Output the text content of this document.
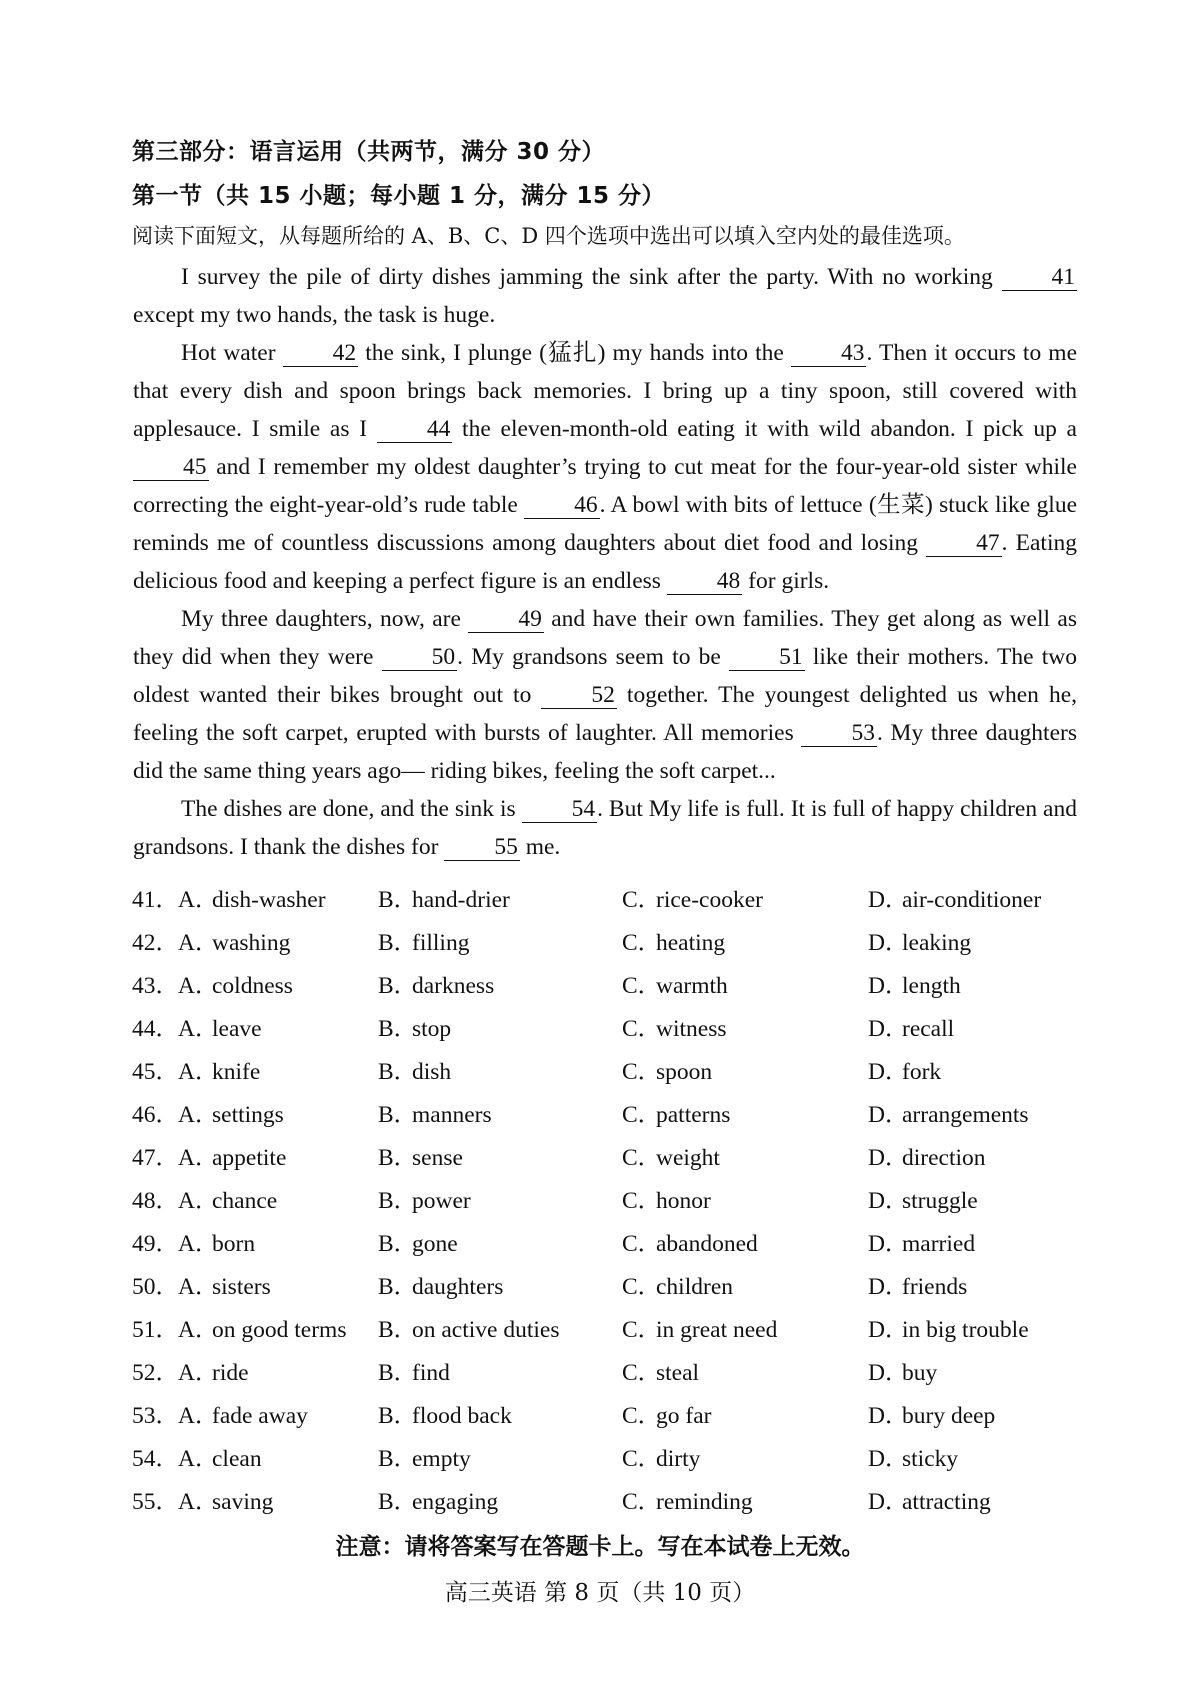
第三部分：语言运用（共两节，满分 30 分）
第一节（共 15 小题；每小题 1 分，满分 15 分）
阅读下面短文，从每题所给的 A、B、C、D 四个选项中选出可以填入空内处的最佳选项。

I survey the pile of dirty dishes jamming the sink after the party. With no working 41 except my two hands, the task is huge.

Hot water 42 the sink, I plunge (猛扎) my hands into the 43. Then it occurs to me that every dish and spoon brings back memories. I bring up a tiny spoon, still covered with applesauce. I smile as I 44 the eleven-month-old eating it with wild abandon. I pick up a 45 and I remember my oldest daughter’s trying to cut meat for the four-year-old sister while correcting the eight-year-old’s rude table 46. A bowl with bits of lettuce (生菜) stuck like glue reminds me of countless discussions among daughters about diet food and losing 47. Eating delicious food and keeping a perfect figure is an endless 48 for girls.

My three daughters, now, are 49 and have their own families. They get along as well as they did when they were 50. My grandsons seem to be 51 like their mothers. The two oldest wanted their bikes brought out to 52 together. The youngest delighted us when he, feeling the soft carpet, erupted with bursts of laughter. All memories 53. My three daughters did the same thing years ago— riding bikes, feeling the soft carpet...

The dishes are done, and the sink is 54. But My life is full. It is full of happy children and grandsons. I thank the dishes for 55 me.

41． A．dish-washer B．hand-drier	C．rice-cooker	D．air-conditioner
42． A．washing	B．filling	C．heating	D．leaking
43． A．coldness	B．darkness	C．warmth	D．length
44． A．leave	B．stop	C．witness	D．recall
45． A．knife	B．dish	C．spoon	D．fork
46． A．settings	B．manners	C．patterns	D．arrangements
47． A．appetite	B．sense	C．weight	D．direction
48． A．chance	B．power	C．honor	D．struggle
49． A．born	B．gone	C．abandoned	D．married
50． A．sisters	B．daughters	C．children	D．friends
51． A．on good terms B．on active duties	C．in great need	D．in big trouble
52． A．ride	B．find	C．steal	D．buy
53． A．fade away	B．flood back	C．go far	D．bury deep
54． A．clean	B．empty	C．dirty	D．sticky
55． A．saving	B．engaging	C．reminding	D．attracting
注意：请将答案写在答题卡上。写在本试卷上无效。
高三英语 第 8 页（共 10 页）
